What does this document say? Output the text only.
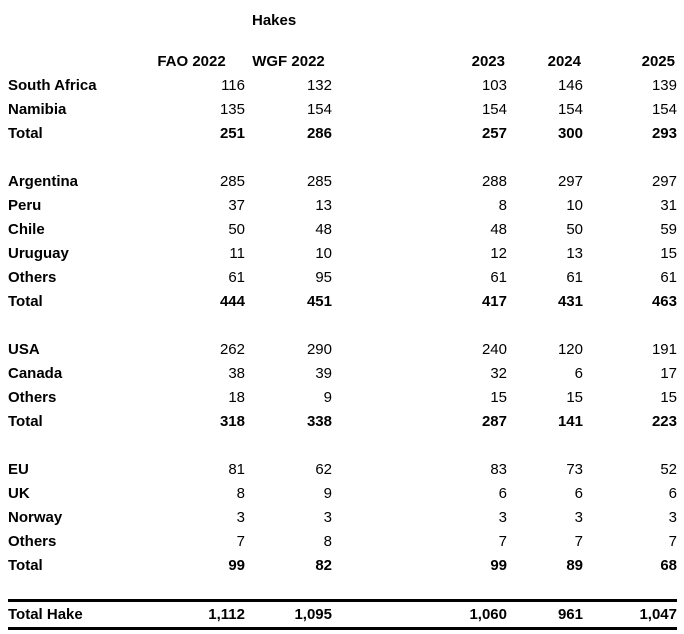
Hakes
	FAO 2022	WGF 2022		2023	2024	2025
South Africa	116	132		103	146	139
Namibia	135	154		154	154	154
Total	251	286		257	300	293

Argentina	285	285		288	297	297
Peru	37	13		8	10	31
Chile	50	48		48	50	59
Uruguay	11	10		12	13	15
Others	61	95		61	61	61
Total	444	451		417	431	463

USA	262	290		240	120	191
Canada	38	39		32	6	17
Others	18	9		15	15	15
Total	318	338		287	141	223

EU	81	62		83	73	52
UK	8	9		6	6	6
Norway	3	3		3	3	3
Others	7	8		7	7	7
Total	99	82		99	89	68

Total Hake	1,112	1,095		1,060	961	1,047
